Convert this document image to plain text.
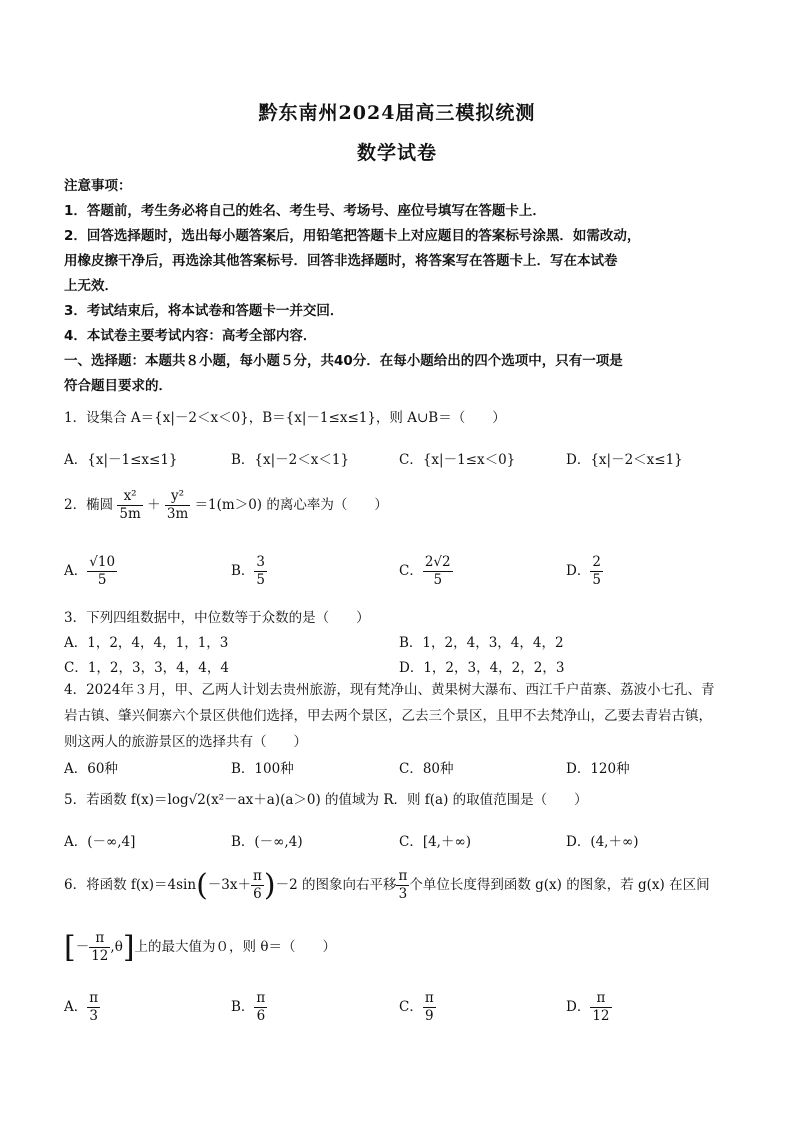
黔东南州2024届高三模拟统测
数学试卷
注意事项：
1．答题前，考生务必将自己的姓名、考生号、考场号、座位号填写在答题卡上．
2．回答选择题时，选出每小题答案后，用铅笔把答题卡上对应题目的答案标号涂黑．如需改动，
用橡皮擦干净后，再选涂其他答案标号．回答非选择题时，将答案写在答题卡上．写在本试卷
上无效．
3．考试结束后，将本试卷和答题卡一并交回．
4．本试卷主要考试内容：高考全部内容．
一、选择题：本题共８小题，每小题５分，共40分．在每小题给出的四个选项中，只有一项是
符合题目要求的．
1．设集合 A＝{x|－2＜x＜0}，B＝{x|－1≤x≤1}，则 A∪B＝（　　）
A．{x|－1≤x≤1}	B．{x|－2＜x＜1}	C．{x|－1≤x＜0}	D．{x|－2＜x≤1}
2．椭圆 $\frac{\text{x²}}{5m} + \frac{\text{y²}}{3m} =1(m>0)$ 的离心率为（　　）
A． $\frac{√10}{5}$	B． $\frac{3}{5}$	C． $\frac{2√2}{5}$	D． $\frac{2}{5}$
3．下列四组数据中，中位数等于众数的是（　　）
A．1，2，4，4，1，1，3	B．1，2，4，3，4，4，2
C．1，2，3，3，4，4，4	D．1，2，3，4，2，2，3
4．2024年３月，甲、乙两人计划去贵州旅游，现有梵净山、黄果树大瀑布、西江千户苗寨、荔波小七孔、青
岩古镇、肇兴侗寨六个景区供他们选择，甲去两个景区，乙去三个景区，且甲不去梵净山，乙要去青岩古镇，
则这两人的旅游景区的选择共有（　　）
A．60种	B．100种	C．80种	D．120种
5．若函数 f(x)＝log√2(x²－ax＋a)(a＞0) 的值域为 R．则 f(a) 的取值范围是（　　）
A．(－∞,4]	B．(－∞,4)	C．[4,＋∞)	D．(4,＋∞)
6．将函数 $f(x)=4\sin(-3x+ \frac{\pi}{6} )-2$ 的图象向右平移 $\frac{\pi}{3}$ 个单位长度得到函数 g(x) 的图象，若 g(x) 在区间
[－ $\frac{\pi}{12} ,\theta$]上的最大值为０，则 θ＝（　　）
A． $\frac{\pi}{3}$	B． $\frac{\pi}{6}$	C． $\frac{\pi}{9}$	D． $\frac{\pi}{12}$
